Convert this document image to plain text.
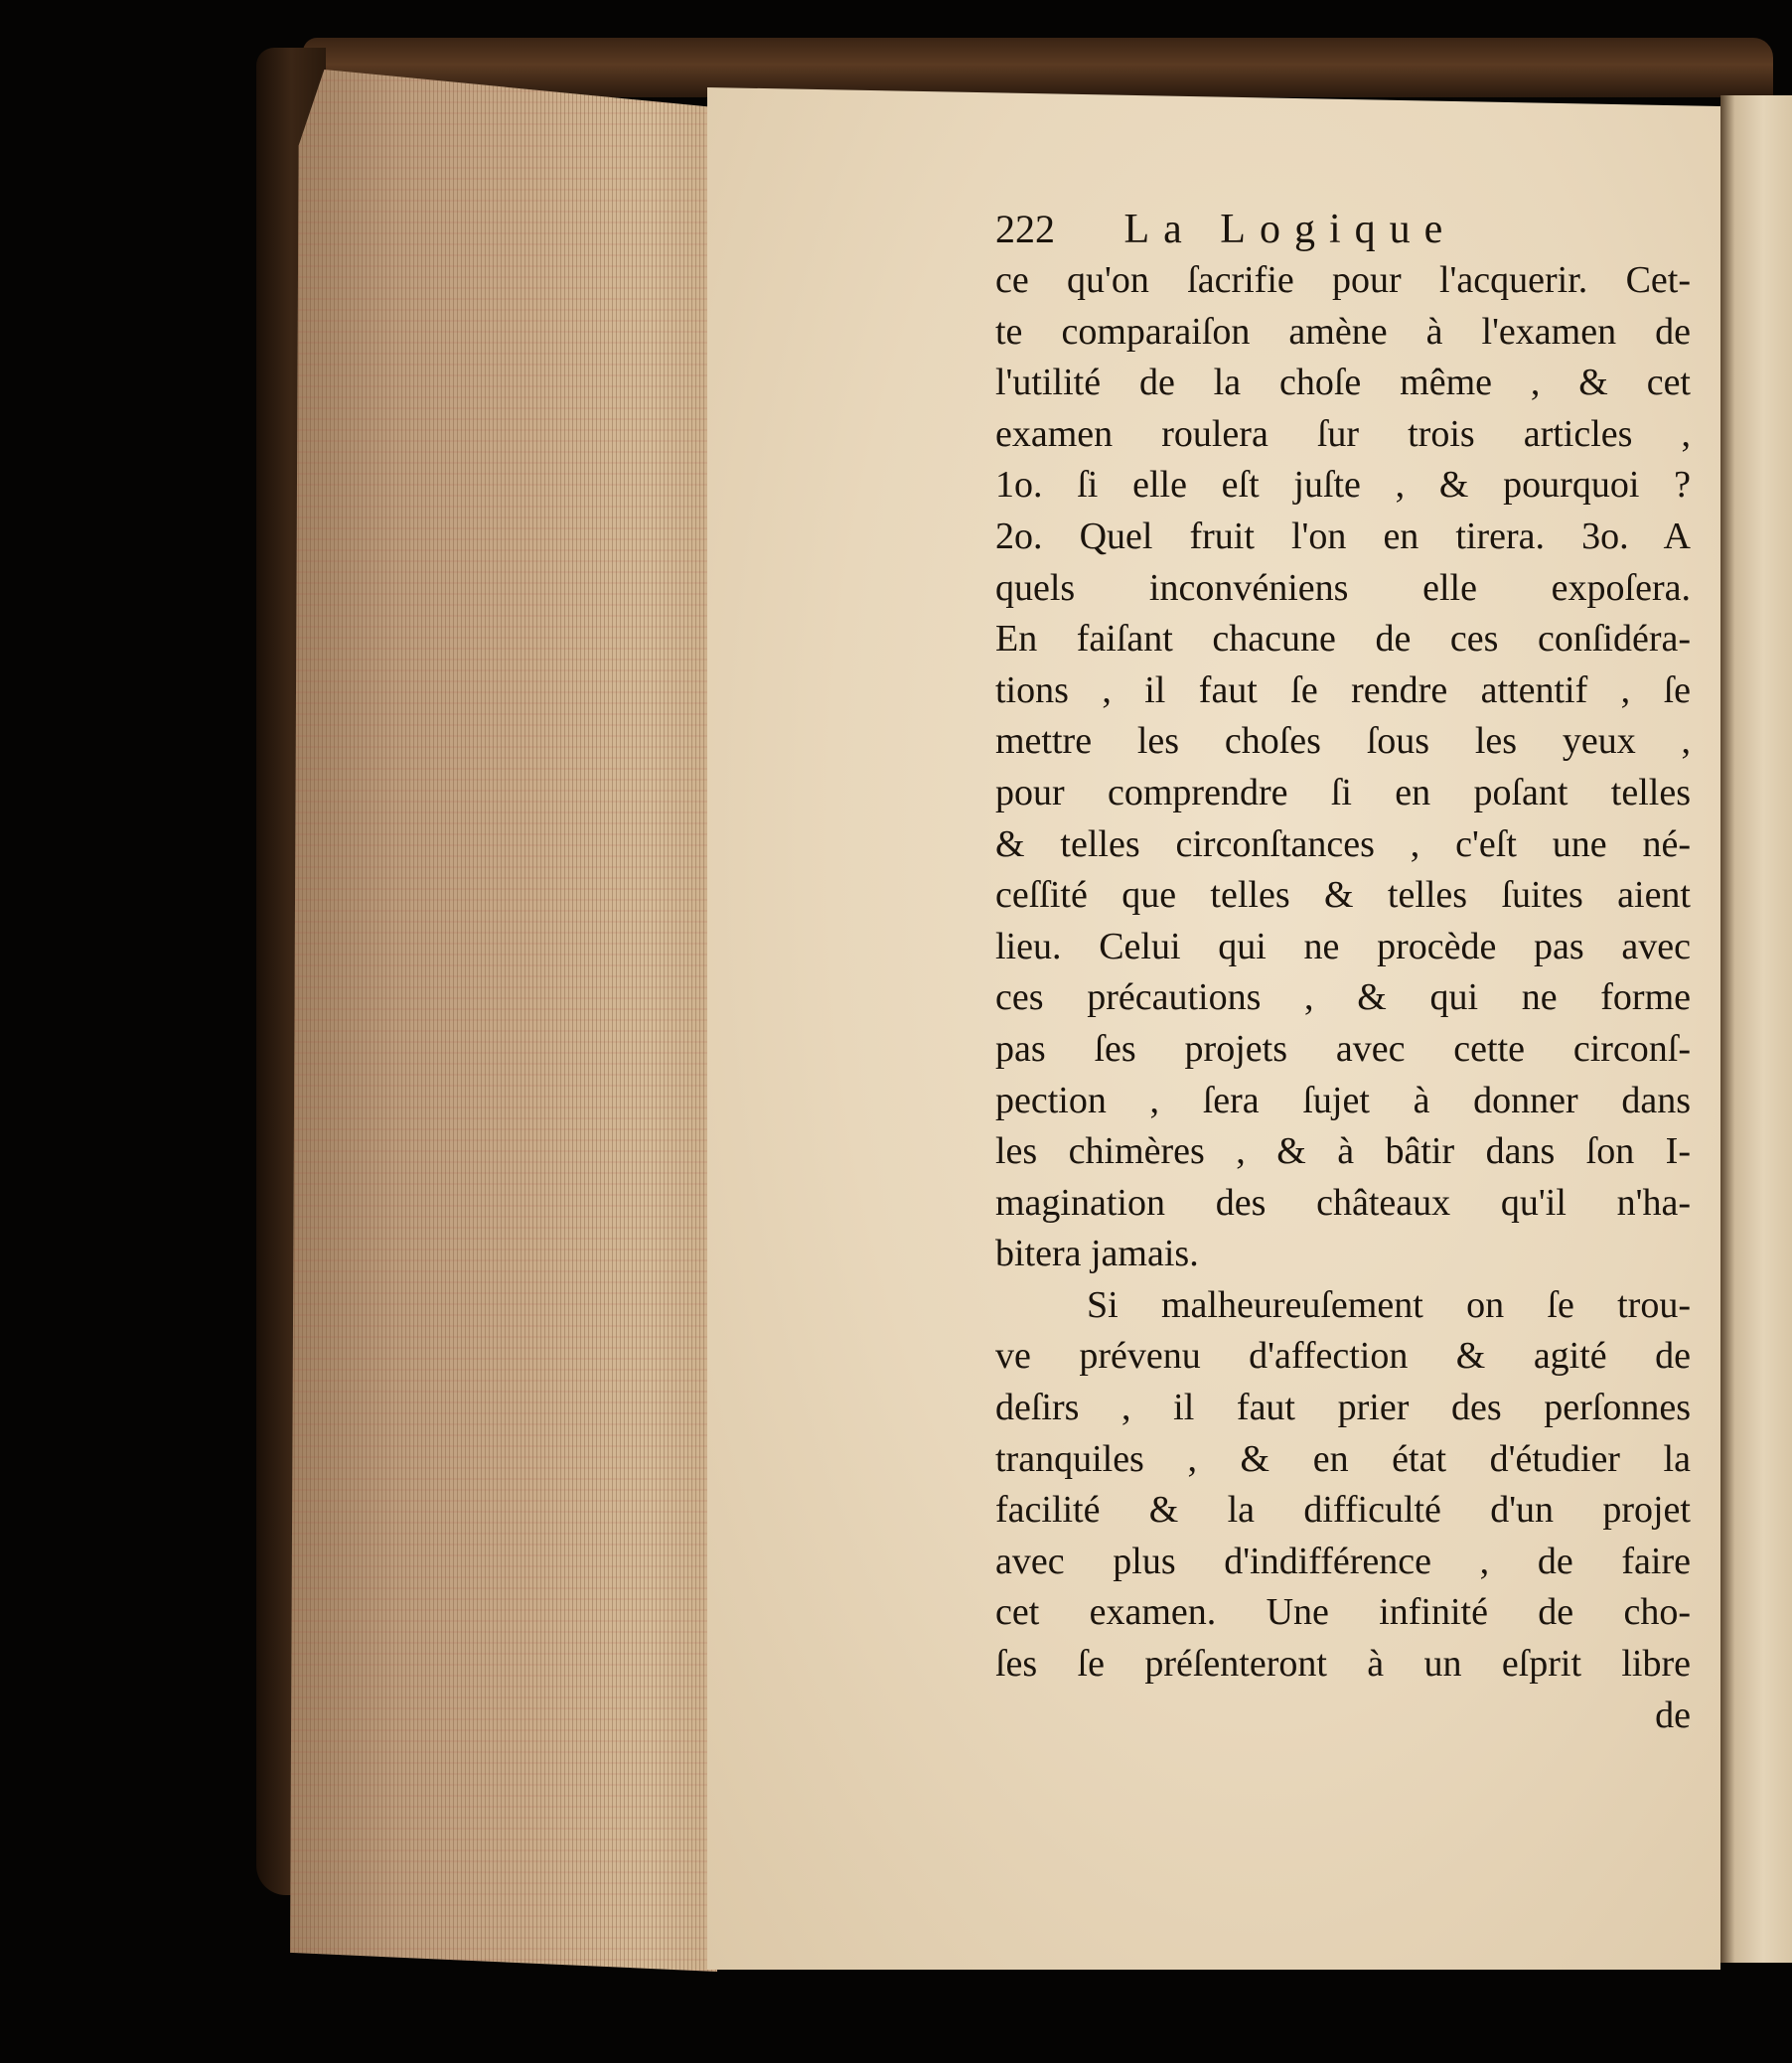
222 La Logique
ce qu'on ſacrifie pour l'acquerir. Cet-
te comparaiſon amène à l'examen de
l'utilité de la choſe même , & cet
examen roulera ſur trois articles ,
1o. ſi elle eſt juſte , & pourquoi ?
2o. Quel fruit l'on en tirera. 3o. A
quels inconvéniens elle expoſera.
En faiſant chacune de ces conſidéra-
tions , il faut ſe rendre attentif , ſe
mettre les choſes ſous les yeux ,
pour comprendre ſi en poſant telles
& telles circonſtances , c'eſt une né-
ceſſité que telles & telles ſuites aient
lieu. Celui qui ne procède pas avec
ces précautions , & qui ne forme
pas ſes projets avec cette circonſ-
pection , ſera ſujet à donner dans
les chimères , & à bâtir dans ſon I-
magination des châteaux qu'il n'ha-
bitera jamais.
Si malheureuſement on ſe trou-
ve prévenu d'affection & agité de
deſirs , il faut prier des perſonnes
tranquiles , & en état d'étudier la
facilité & la difficulté d'un projet
avec plus d'indifférence , de faire
cet examen. Une infinité de cho-
ſes ſe préſenteront à un eſprit libre
de
